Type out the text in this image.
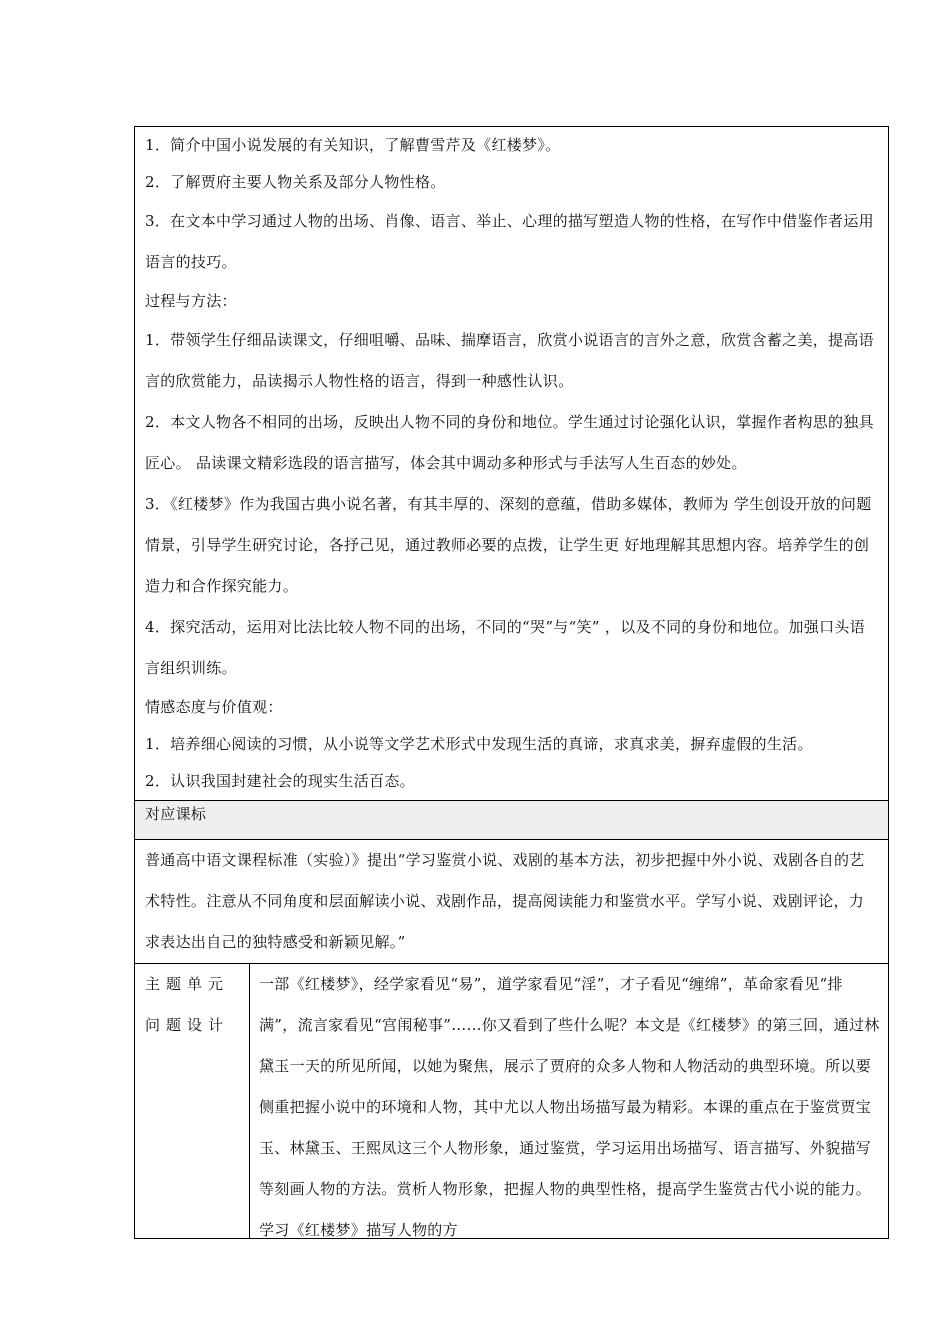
1．简介中国小说发展的有关知识，了解曹雪芹及《红楼梦》。

2．了解贾府主要人物关系及部分人物性格。

3．在文本中学习通过人物的出场、肖像、语言、举止、心理的描写塑造人物的性格，在写作中借鉴作者运用语言的技巧。

过程与方法：

1．带领学生仔细品读课文，仔细咀嚼、品味、揣摩语言，欣赏小说语言的言外之意，欣赏含蓄之美，提高语言的欣赏能力，品读揭示人物性格的语言，得到一种感性认识。

2．本文人物各不相同的出场，反映出人物不同的身份和地位。学生通过讨论强化认识，掌握作者构思的独具匠心。 品读课文精彩选段的语言描写，体会其中调动多种形式与手法写人生百态的妙处。

3．《红楼梦》作为我国古典小说名著，有其丰厚的、深刻的意蕴，借助多媒体，教师为 学生创设开放的问题情景，引导学生研究讨论，各抒己见，通过教师必要的点拨，让学生更 好地理解其思想内容。培养学生的创造力和合作探究能力。

4．探究活动，运用对比法比较人物不同的出场，不同的“哭”与“笑” ，以及不同的身份和地位。加强口头语言组织训练。

情感态度与价值观：

1．培养细心阅读的习惯，从小说等文学艺术形式中发现生活的真谛，求真求美，摒弃虚假的生活。

2．认识我国封建社会的现实生活百态。

对应课标

普通高中语文课程标准（实验）》提出“学习鉴赏小说、戏剧的基本方法，初步把握中外小说、戏剧各自的艺术特性。注意从不同角度和层面解读小说、戏剧作品，提高阅读能力和鉴赏水平。学写小说、戏剧评论，力求表达出自己的独特感受和新颖见解。”

主题单元问题设计

一部《红楼梦》，经学家看见“易”，道学家看见“淫”，才子看见“缠绵”，革命家看见“排满”，流言家看见“宫闱秘事”……你又看到了些什么呢？本文是《红楼梦》的第三回，通过林黛玉一天的所见所闻，以她为聚焦，展示了贾府的众多人物和人物活动的典型环境。所以要侧重把握小说中的环境和人物，其中尤以人物出场描写最为精彩。本课的重点在于鉴赏贾宝玉、林黛玉、王熙凤这三个人物形象，通过鉴赏，学习运用出场描写、语言描写、外貌描写等刻画人物的方法。赏析人物形象，把握人物的典型性格，提高学生鉴赏古代小说的能力。学习《红楼梦》描写人物的方
